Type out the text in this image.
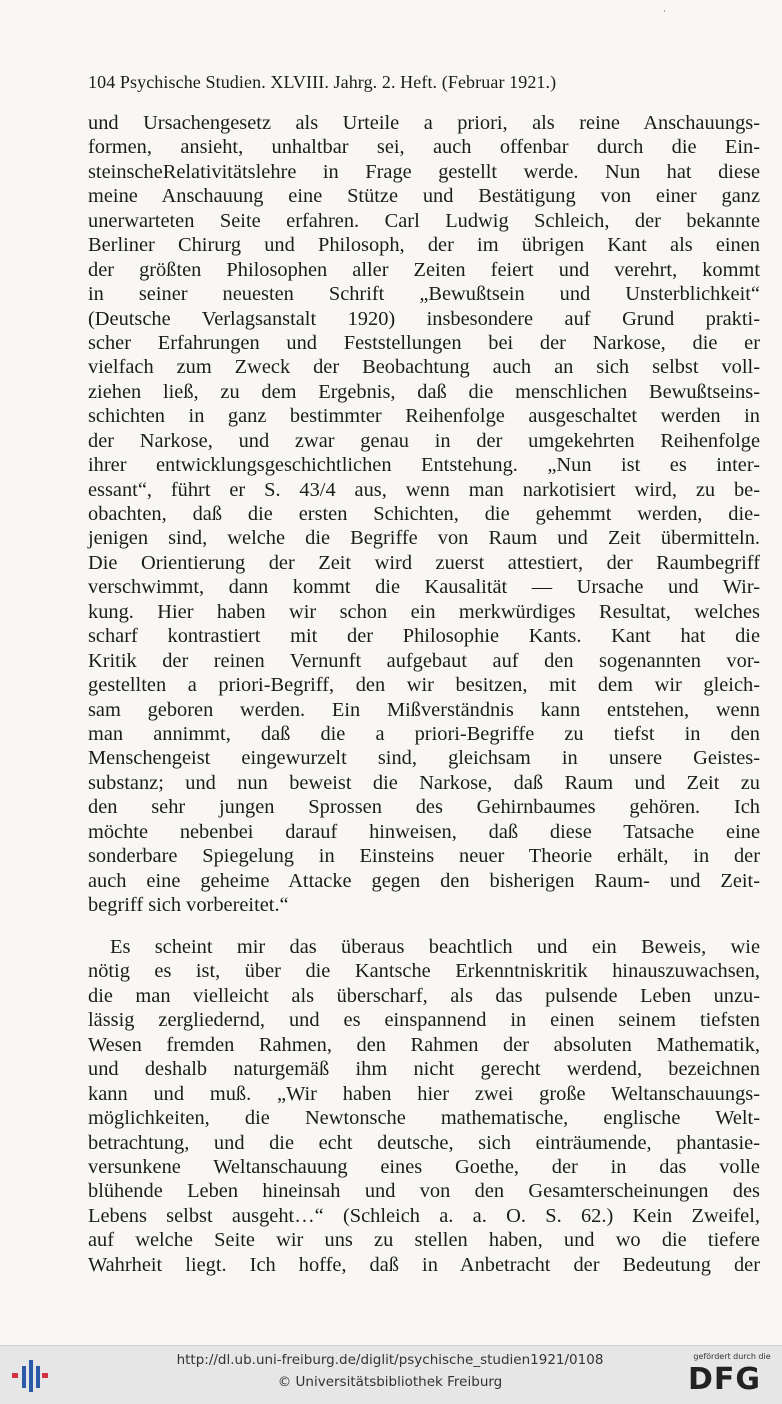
˙
104 Psychische Studien. XLVIII. Jahrg. 2. Heft. (Februar 1921.)
und Ursachengesetz als Urteile a priori, als reine Anschauungs-
formen, ansieht, unhaltbar sei, auch offenbar durch die Ein-
steinscheRelativitätslehre in Frage gestellt werde. Nun hat diese
meine Anschauung eine Stütze und Bestätigung von einer ganz
unerwarteten Seite erfahren. Carl Ludwig Schleich, der bekannte
Berliner Chirurg und Philosoph, der im übrigen Kant als einen
der größten Philosophen aller Zeiten feiert und verehrt, kommt
in seiner neuesten Schrift „Bewußtsein und Unsterblichkeit“
(Deutsche Verlagsanstalt 1920) insbesondere auf Grund prakti-
scher Erfahrungen und Feststellungen bei der Narkose, die er
vielfach zum Zweck der Beobachtung auch an sich selbst voll-
ziehen ließ, zu dem Ergebnis, daß die menschlichen Bewußtseins-
schichten in ganz bestimmter Reihenfolge ausgeschaltet werden in
der Narkose, und zwar genau in der umgekehrten Reihenfolge
ihrer entwicklungsgeschichtlichen Entstehung. „Nun ist es inter-
essant“, führt er S. 43/4 aus, wenn man narkotisiert wird, zu be-
obachten, daß die ersten Schichten, die gehemmt werden, die-
jenigen sind, welche die Begriffe von Raum und Zeit übermitteln.
Die Orientierung der Zeit wird zuerst attestiert, der Raumbegriff
verschwimmt, dann kommt die Kausalität — Ursache und Wir-
kung. Hier haben wir schon ein merkwürdiges Resultat, welches
scharf kontrastiert mit der Philosophie Kants. Kant hat die
Kritik der reinen Vernunft aufgebaut auf den sogenannten vor-
gestellten a priori-Begriff, den wir besitzen, mit dem wir gleich-
sam geboren werden. Ein Mißverständnis kann entstehen, wenn
man annimmt, daß die a priori-Begriffe zu tiefst in den
Menschengeist eingewurzelt sind, gleichsam in unsere Geistes-
substanz; und nun beweist die Narkose, daß Raum und Zeit zu
den sehr jungen Sprossen des Gehirnbaumes gehören. Ich
möchte nebenbei darauf hinweisen, daß diese Tatsache eine
sonderbare Spiegelung in Einsteins neuer Theorie erhält, in der
auch eine geheime Attacke gegen den bisherigen Raum- und Zeit-
begriff sich vorbereitet.“
Es scheint mir das überaus beachtlich und ein Beweis, wie
nötig es ist, über die Kantsche Erkenntniskritik hinauszuwachsen,
die man vielleicht als überscharf, als das pulsende Leben unzu-
lässig zergliedernd, und es einspannend in einen seinem tiefsten
Wesen fremden Rahmen, den Rahmen der absoluten Mathematik,
und deshalb naturgemäß ihm nicht gerecht werdend, bezeichnen
kann und muß. „Wir haben hier zwei große Weltanschauungs-
möglichkeiten, die Newtonsche mathematische, englische Welt-
betrachtung, und die echt deutsche, sich einträumende, phantasie-
versunkene Weltanschauung eines Goethe, der in das volle
blühende Leben hineinsah und von den Gesamterscheinungen des
Lebens selbst ausgeht…“ (Schleich a. a. O. S. 62.) Kein Zweifel,
auf welche Seite wir uns zu stellen haben, und wo die tiefere
Wahrheit liegt. Ich hoffe, daß in Anbetracht der Bedeutung der
http://dl.ub.uni-freiburg.de/diglit/psychische_studien1921/0108
© Universitätsbibliothek Freiburg
gefördert durch die
DFG
